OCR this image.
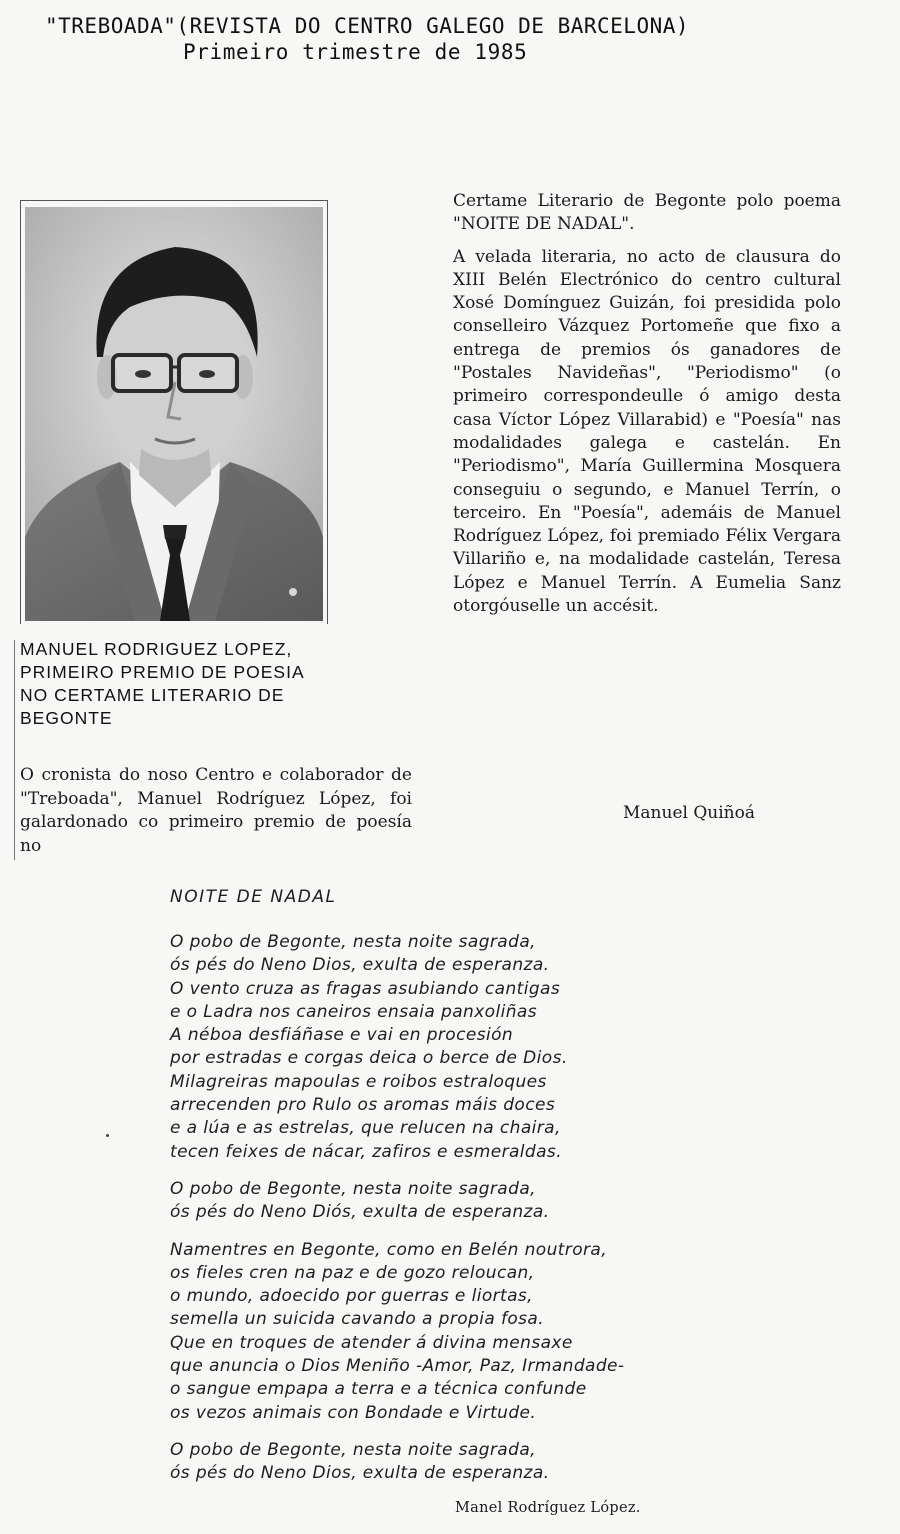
"TREBOADA"(REVISTA DO CENTRO GALEGO DE BARCELONA)
Primeiro trimestre de 1985
MANUEL RODRIGUEZ LOPEZ,
PRIMEIRO PREMIO DE POESIA
NO CERTAME LITERARIO DE
BEGONTE
O cronista do noso Centro e colaborador de "Treboada", Manuel Rodríguez López, foi galardonado co primeiro premio de poesía no

Certame Literario de Begonte polo poema "NOITE DE NADAL".

A velada literaria, no acto de clausura do XIII Belén Electrónico do centro cultural Xosé Domínguez Guizán, foi presidida polo conselleiro Vázquez Portomeñe que fixo a entrega de premios ós ganadores de "Postales Navideñas", "Periodismo" (o primeiro correspondeulle ó amigo desta casa Víctor López Villarabid) e "Poesía" nas modalidades galega e castelán. En "Periodismo", María Guillermina Mosquera conseguiu o segundo, e Manuel Terrín, o terceiro. En "Poesía", ademáis de Manuel Rodríguez López, foi premiado Félix Vergara Villariño e, na modalidade castelán, Teresa López e Manuel Terrín. A Eumelia Sanz otorgóuselle un accésit.

Manuel Quiñoá
NOITE DE NADAL
O pobo de Begonte, nesta noite sagrada,
ós pés do Neno Dios, exulta de esperanza.
O vento cruza as fragas asubiando cantigas
e o Ladra nos caneiros ensaia panxoliñas
A néboa desfiáñase e vai en procesión
por estradas e corgas deica o berce de Dios.
Milagreiras mapoulas e roibos estraloques
arrecenden pro Rulo os aromas máis doces
e a lúa e as estrelas, que relucen na chaira,
tecen feixes de nácar, zafiros e esmeraldas.
O pobo de Begonte, nesta noite sagrada,
ós pés do Neno Diós, exulta de esperanza.
Namentres en Begonte, como en Belén noutrora,
os fieles cren na paz e de gozo reloucan,
o mundo, adoecido por guerras e liortas,
semella un suicida cavando a propia fosa.
Que en troques de atender á divina mensaxe
que anuncia o Dios Meniño -Amor, Paz, Irmandade-
o sangue empapa a terra e a técnica confunde
os vezos animais con Bondade e Virtude.
O pobo de Begonte, nesta noite sagrada,
ós pés do Neno Dios, exulta de esperanza.
Manel Rodríguez López.
